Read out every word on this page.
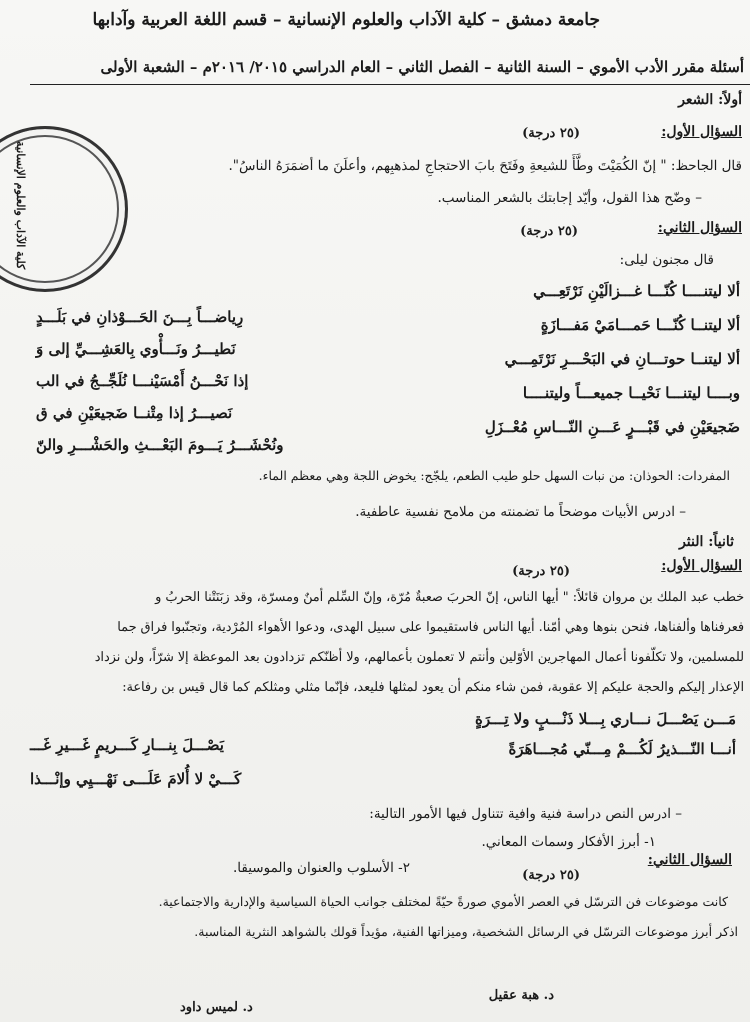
جامعة دمشق – كلية الآداب والعلوم الإنسانية – قسم اللغة العربية وآدابها
أسئلة مقرر الأدب الأموي – السنة الثانية – الفصل الثاني – العام الدراسي ٢٠١٥/ ٢٠١٦م – الشعبة الأولى
كلية الآداب والعلوم الإنسانية
أولاً: الشعر
السؤال الأول:
(٢٥ درجة)
قال الجاحظ: " إنّ الكُمَيْتَ وطَّأَ للشيعةِ وفَتَحَ بابَ الاحتجاجِ لمذهبِهم، وأعلَنَ ما أضمَرَهُ الناسُ".
– وضّح هذا القول، وأيّد إجابتك بالشعر المناسب.
السؤال الثاني:
(٢٥ درجة)
قال مجنون ليلى:
ألا ليتنــــا كُنّـــا غـــزالَيْنِ نَرْتَعِـــي
ألا ليتنــا كُنّـــا حَمـــامَيْ مَفـــازَةٍ
ألا ليتنــا حوتـــانِ في البَحْـــرِ نَرْتَمِـــي
وبــــا ليتنـــا نَحْيــا جميعـــاً وليتنــــا
ضَجيعَيْنِ في قَبْـــرٍ عَـــنِ النّـــاسِ مُعْــزَلِ
رِياضـــاً بِـــنَ الحَـــوْذانِ في بَلَـــدٍ
نَطيـــرُ ونَـــأْوي بِالعَشِـــيِّ إلى وَ
إذا نَحْـــنُ أَمْسَيْنـــا نُلَجِّــجُ في الب
نَصيـــرُ إذا مِتْنــا ضَجيعَيْنِ في ق
ونُحْشَـــرُ يَـــومَ البَعْـــثِ والحَشْـــرِ والنّ
المفردات: الحوذان: من نبات السهل حلو طيب الطعم، يلجّج: يخوض اللجة وهي معظم الماء.
– ادرس الأبيات موضحاً ما تضمنته من ملامح نفسية عاطفية.
ثانياً: النثر
السؤال الأول:
(٢٥ درجة)
خطب عبد الملك بن مروان قائلاً: " أيها الناس، إنّ الحربَ صعبةٌ مُرّة، وإنّ السِّلم أمنٌ ومسرّة، وقد زبَنَتْنا الحربُ و
فعرفناها وألفناها، فنحن بنوها وهي أمّنا. أيها الناس فاستقيموا على سبيل الهدى، ودعوا الأهواء المُرْدية، وتجنّبوا فراق جما
للمسلمين، ولا تكلّفونا أعمال المهاجرين الأوّلين وأنتم لا تعملون بأعمالهم، ولا أظنّكم تزدادون بعد الموعظة إلا شرّاً، ولن نزداد
الإعذار إليكم والحجة عليكم إلا عقوبة، فمن شاء منكم أن يعود لمثلها فليعد، فإنّما مثلي ومثلكم كما قال قيس بن رفاعة:
مَـــن يَصْـــلَ نـــاري بِـــلا ذَنْـــبٍ ولا تِـــرَةٍ
يَصْـــلَ بِنـــارِ كَـــريمٍ غَـــيرِ غَـــ	أنـــا النّـــذيرُ لَكُـــمْ مِـــنّي مُجـــاهَرَةً
كَـــيْ لا أُلامَ عَلَـــى نَهْـــيِي وإنْـــذا
– ادرس النص دراسة فنية وافية تتناول فيها الأمور التالية:
١- أبرز الأفكار وسمات المعاني.
٢- الأسلوب والعنوان والموسيقا.	السؤال الثاني:
(٢٥ درجة)
كانت موضوعات فن الترسّل في العصر الأموي صورةً حيّةً لمختلف جوانب الحياة السياسية والإدارية والاجتماعية.
اذكر أبرز موضوعات الترسّل في الرسائل الشخصية، وميزاتها الفنية، مؤيداً قولك بالشواهد النثرية المناسبة.
د. هبة عقيل
د. لميس داود
